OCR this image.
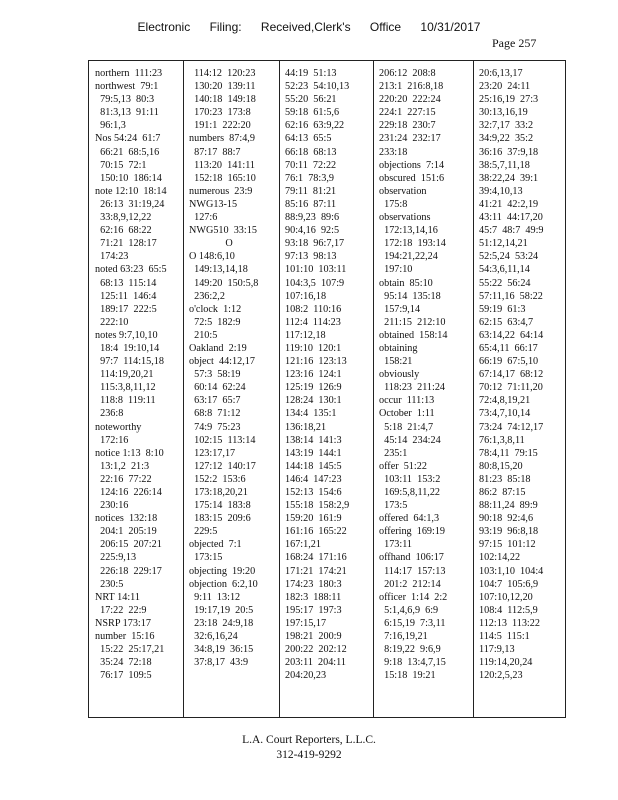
Electronic Filing: Received,Clerk's Office 10/31/2017
Page 257
northern  111:23
northwest  79:1
79:5,13  80:3
81:3,13  91:11
96:1,3
Nos 54:24  61:7
66:21  68:5,16
70:15  72:1
150:10  186:14
note 12:10  18:14
26:13  31:19,24
33:8,9,12,22
62:16  68:22
71:21  128:17
174:23
noted 63:23  65:5
68:13  115:14
125:11  146:4
189:17  222:5
222:10
notes 9:7,10,10
18:4  19:10,14
97:7  114:15,18
114:19,20,21
115:3,8,11,12
118:8  119:11
236:8
noteworthy
172:16
notice 1:13  8:10
13:1,2  21:3
22:16  77:22
124:16  226:14
230:16
notices  132:18
204:1  205:19
206:15  207:21
225:9,13
226:18  229:17
230:5
NRT 14:11
17:22  22:9
NSRP 173:17
number  15:16
15:22  25:17,21
35:24  72:18
76:17  109:5
114:12  120:23
130:20  139:11
140:18  149:18
170:23  173:8
191:1  222:20
numbers  87:4,9
87:17  88:7
113:20  141:11
152:18  165:10
numerous  23:9
NWG13-15
127:6
NWG510  33:15
O
O 148:6,10
149:13,14,18
149:20  150:5,8
236:2,2
o'clock  1:12
72:5  182:9
210:5
Oakland  2:19
object  44:12,17
57:3  58:19
60:14  62:24
63:17  65:7
68:8  71:12
74:9  75:23
102:15  113:14
123:17,17
127:12  140:17
152:2  153:6
173:18,20,21
175:14  183:8
183:15  209:6
229:5
objected  7:1
173:15
objecting  19:20
objection  6:2,10
9:11  13:12
19:17,19  20:5
23:18  24:9,18
32:6,16,24
34:8,19  36:15
37:8,17  43:9
44:19  51:13
52:23  54:10,13
55:20  56:21
59:18  61:5,6
62:16  63:9,22
64:13  65:5
66:18  68:13
70:11  72:22
76:1  78:3,9
79:11  81:21
85:16  87:11
88:9,23  89:6
90:4,16  92:5
93:18  96:7,17
97:13  98:13
101:10  103:11
104:3,5  107:9
107:16,18
108:2  110:16
112:4  114:23
117:12,18
119:10  120:1
121:16  123:13
123:16  124:1
125:19  126:9
128:24  130:1
134:4  135:1
136:18,21
138:14  141:3
143:19  144:1
144:18  145:5
146:4  147:23
152:13  154:6
155:18  158:2,9
159:20  161:9
161:16  165:22
167:1,21
168:24  171:16
171:21  174:21
174:23  180:3
182:3  188:11
195:17  197:3
197:15,17
198:21  200:9
200:22  202:12
203:11  204:11
204:20,23
206:12  208:8
213:1  216:8,18
220:20  222:24
224:1  227:15
229:18  230:7
231:24  232:17
233:18
objections  7:14
obscured  151:6
observation
175:8
observations
172:13,14,16
172:18  193:14
194:21,22,24
197:10
obtain  85:10
95:14  135:18
157:9,14
211:15  212:10
obtained  158:14
obtaining
158:21
obviously
118:23  211:24
occur  111:13
October  1:11
5:18  21:4,7
45:14  234:24
235:1
offer  51:22
103:11  153:2
169:5,8,11,22
173:5
offered  64:1,3
offering  169:19
173:11
offhand  106:17
114:17  157:13
201:2  212:14
officer  1:14  2:2
5:1,4,6,9  6:9
6:15,19  7:3,11
7:16,19,21
8:19,22  9:6,9
9:18  13:4,7,15
15:18  19:21
20:6,13,17
23:20  24:11
25:16,19  27:3
30:13,16,19
32:7,17  33:2
34:9,22  35:2
36:16  37:9,18
38:5,7,11,18
38:22,24  39:1
39:4,10,13
41:21  42:2,19
43:11  44:17,20
45:7  48:7  49:9
51:12,14,21
52:5,24  53:24
54:3,6,11,14
55:22  56:24
57:11,16  58:22
59:19  61:3
62:15  63:4,7
63:14,22  64:14
65:4,11  66:17
66:19  67:5,10
67:14,17  68:12
70:12  71:11,20
72:4,8,19,21
73:4,7,10,14
73:24  74:12,17
76:1,3,8,11
78:4,11  79:15
80:8,15,20
81:23  85:18
86:2  87:15
88:11,24  89:9
90:18  92:4,6
93:19  96:8,18
97:15  101:12
102:14,22
103:1,10  104:4
104:7  105:6,9
107:10,12,20
108:4  112:5,9
112:13  113:22
114:5  115:1
117:9,13
119:14,20,24
120:2,5,23
L.A. Court Reporters, L.L.C.
312-419-9292
